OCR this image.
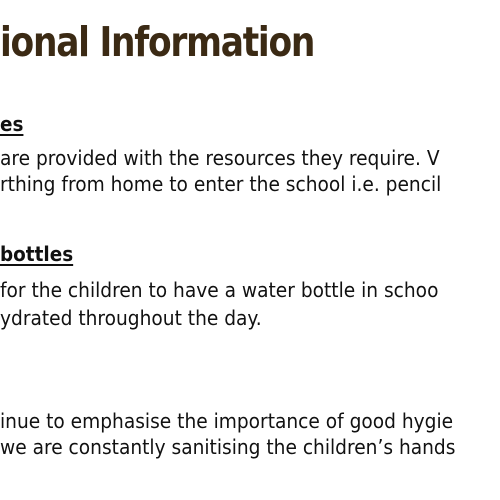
ional Information
es

are provided with the resources they require. V

rthing from home to enter the school i.e. pencil

bottles

for the children to have a water bottle in schoo

ydrated throughout the day.

inue to emphasise the importance of good hygie

we are constantly sanitising the children’s hands
